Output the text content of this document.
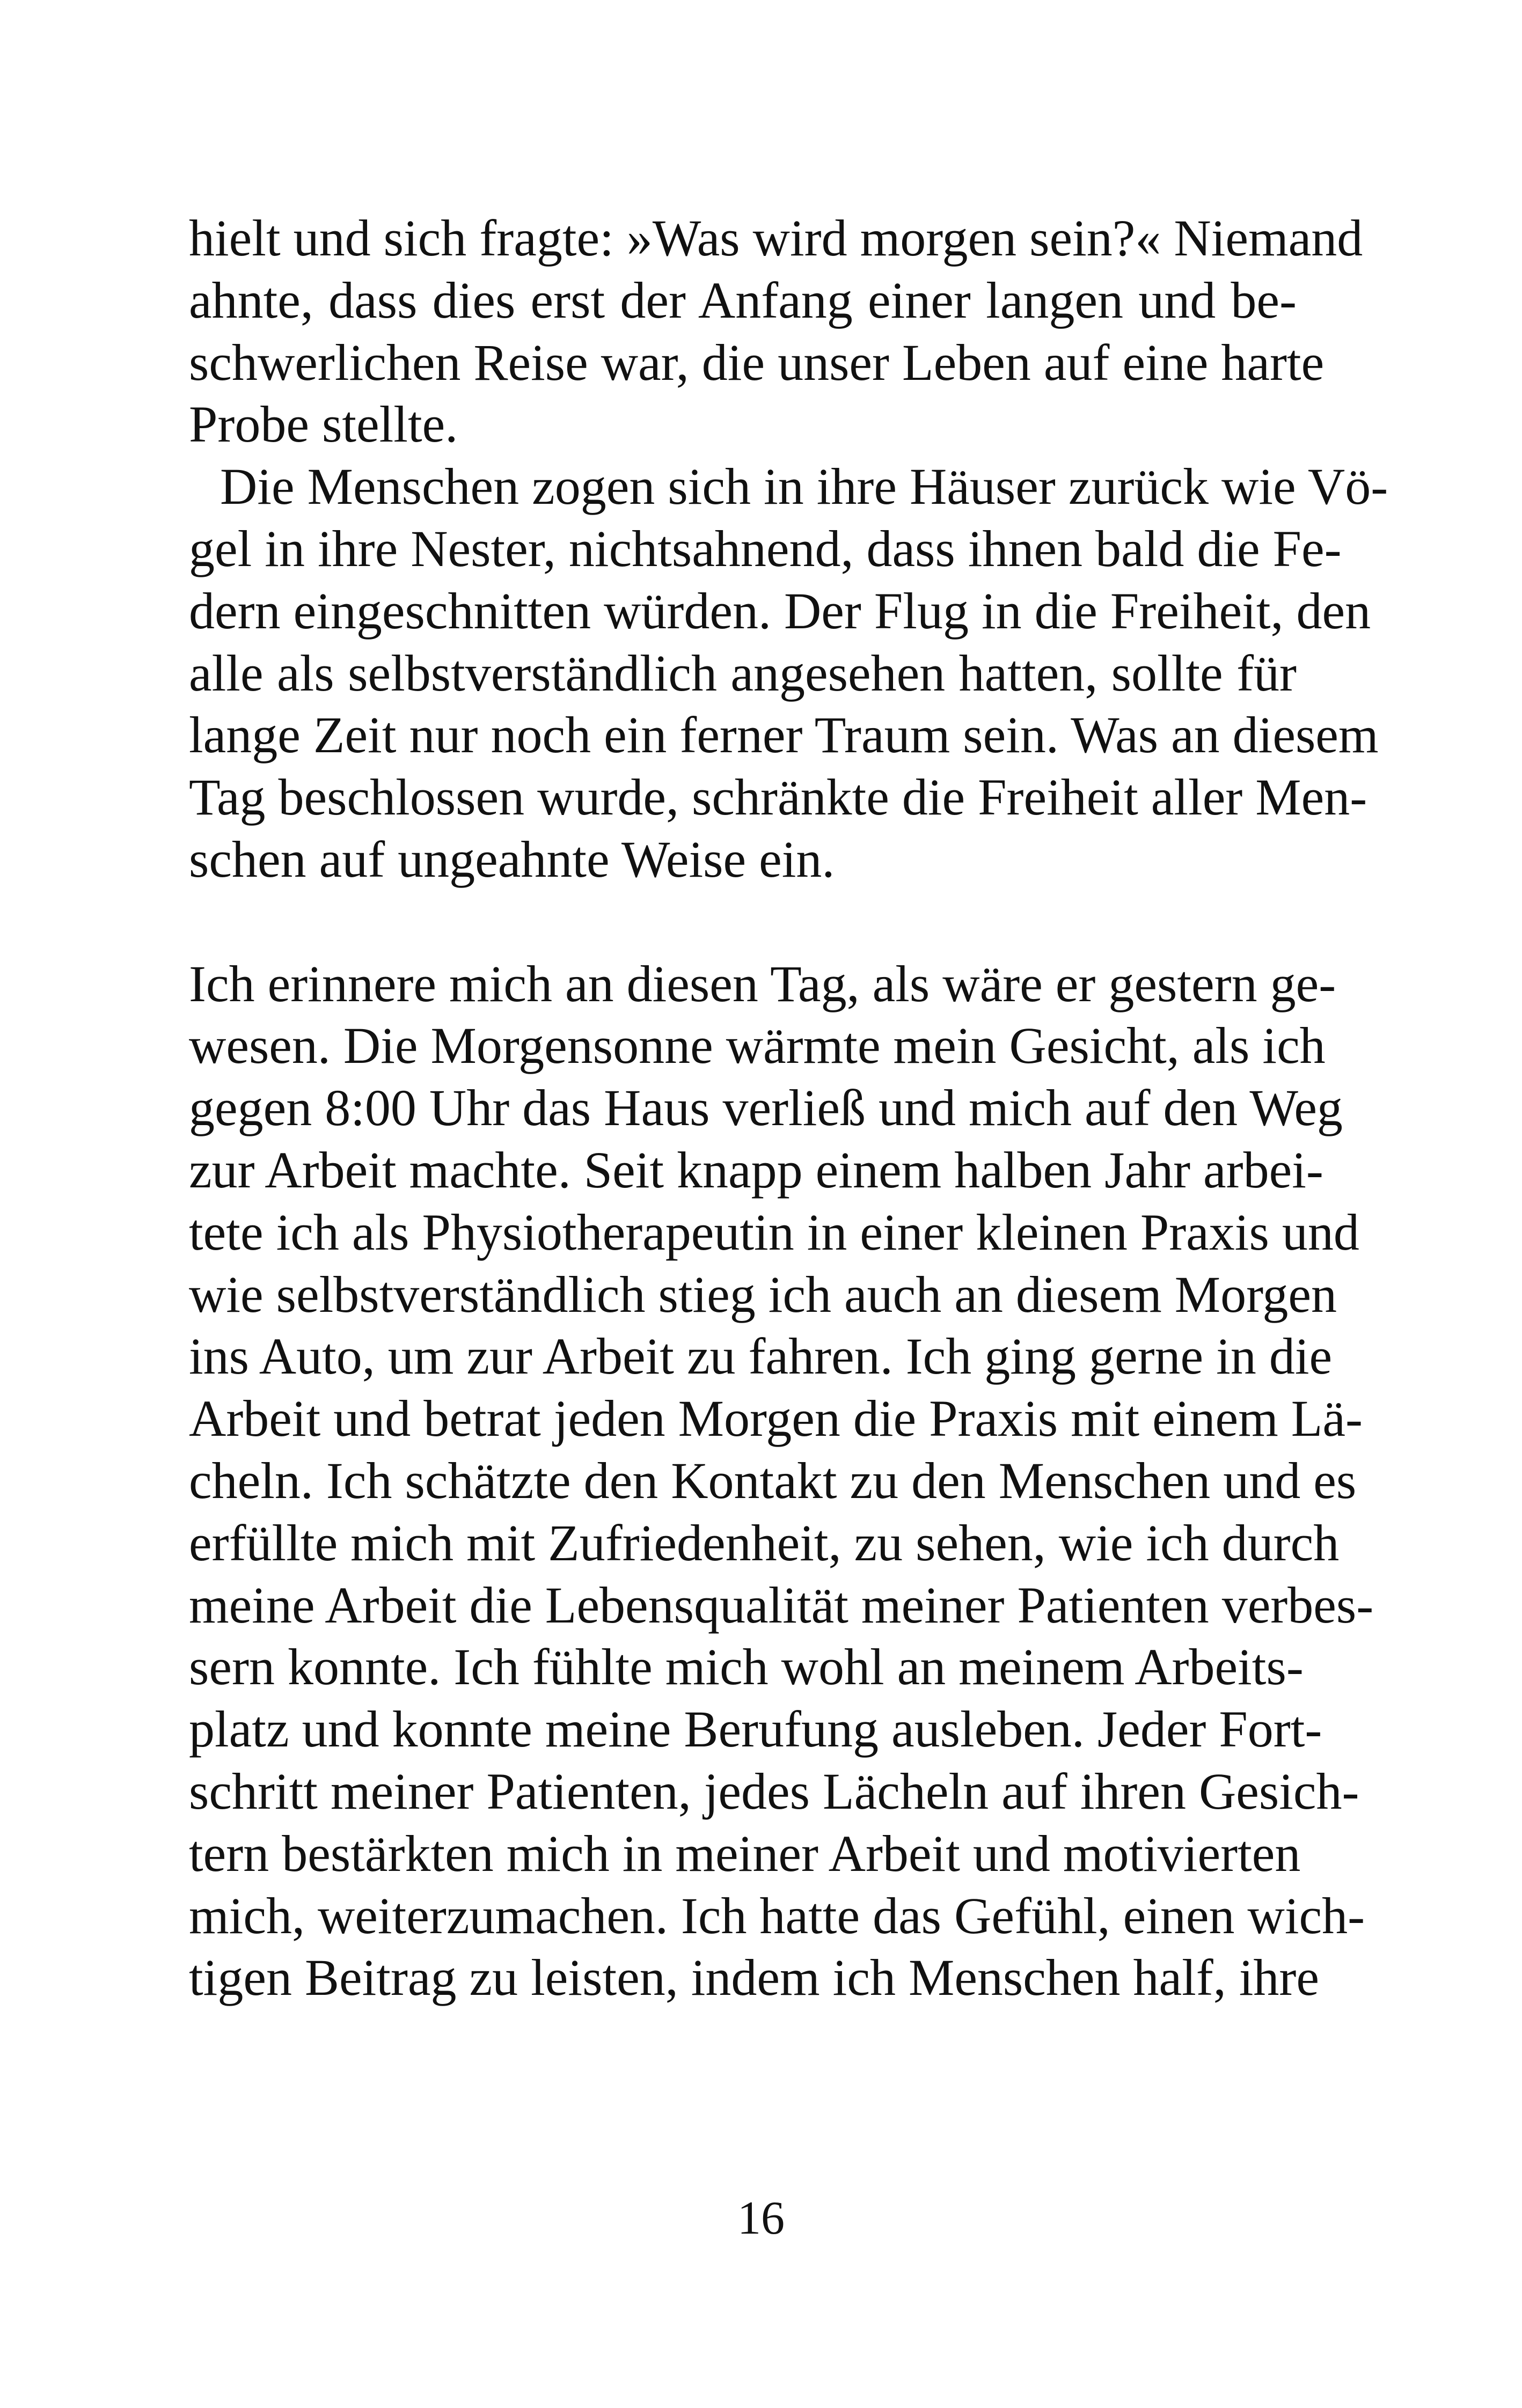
hielt und sich fragte: »Was wird morgen sein?« Niemand
ahnte, dass dies erst der Anfang einer langen und be-
schwerlichen Reise war, die unser Leben auf eine harte
Probe stellte.
Die Menschen zogen sich in ihre Häuser zurück wie Vö-
gel in ihre Nester, nichtsahnend, dass ihnen bald die Fe-
dern eingeschnitten würden. Der Flug in die Freiheit, den
alle als selbstverständlich angesehen hatten, sollte für
lange Zeit nur noch ein ferner Traum sein. Was an diesem
Tag beschlossen wurde, schränkte die Freiheit aller Men-
schen auf ungeahnte Weise ein.
Ich erinnere mich an diesen Tag, als wäre er gestern ge-
wesen. Die Morgensonne wärmte mein Gesicht, als ich
gegen 8:00 Uhr das Haus verließ und mich auf den Weg
zur Arbeit machte. Seit knapp einem halben Jahr arbei-
tete ich als Physiotherapeutin in einer kleinen Praxis und
wie selbstverständlich stieg ich auch an diesem Morgen
ins Auto, um zur Arbeit zu fahren. Ich ging gerne in die
Arbeit und betrat jeden Morgen die Praxis mit einem Lä-
cheln. Ich schätzte den Kontakt zu den Menschen und es
erfüllte mich mit Zufriedenheit, zu sehen, wie ich durch
meine Arbeit die Lebensqualität meiner Patienten verbes-
sern konnte. Ich fühlte mich wohl an meinem Arbeits-
platz und konnte meine Berufung ausleben. Jeder Fort-
schritt meiner Patienten, jedes Lächeln auf ihren Gesich-
tern bestärkten mich in meiner Arbeit und motivierten
mich, weiterzumachen. Ich hatte das Gefühl, einen wich-
tigen Beitrag zu leisten, indem ich Menschen half, ihre
16
